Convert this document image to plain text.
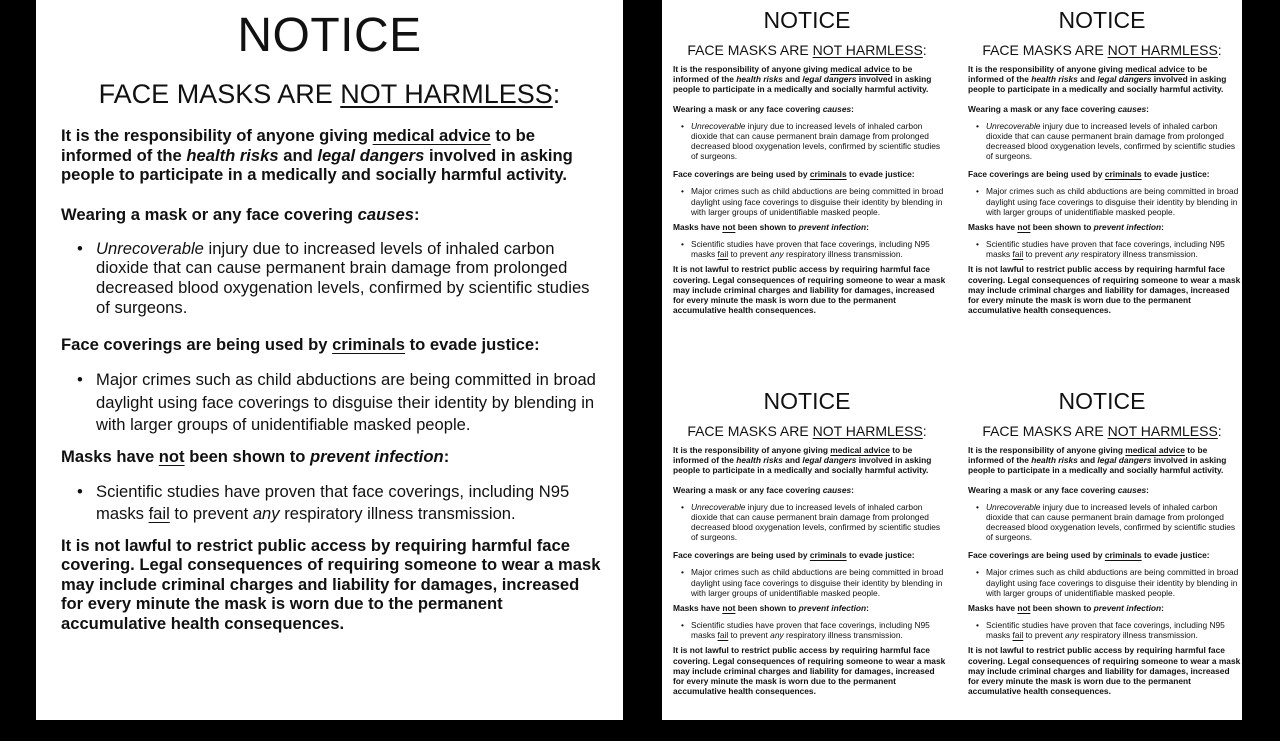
NOTICE
FACE MASKS ARE NOT HARMLESS:

It is the responsibility of anyone giving medical advice to be informed of the health risks and legal dangers involved in asking people to participate in a medically and socially harmful activity.

Wearing a mask or any face covering causes:

• Unrecoverable injury due to increased levels of inhaled carbon dioxide that can cause permanent brain damage from prolonged decreased blood oxygenation levels, confirmed by scientific studies of surgeons.

Face coverings are being used by criminals to evade justice:

• Major crimes such as child abductions are being committed in broad daylight using face coverings to disguise their identity by blending in with larger groups of unidentifiable masked people.

Masks have not been shown to prevent infection:

• Scientific studies have proven that face coverings, including N95 masks fail to prevent any respiratory illness transmission.

It is not lawful to restrict public access by requiring harmful face covering. Legal consequences of requiring someone to wear a mask may include criminal charges and liability for damages, increased for every minute the mask is worn due to the permanent accumulative health consequences.

NOTICE
FACE MASKS ARE NOT HARMLESS:

It is the responsibility of anyone giving medical advice to be informed of the health risks and legal dangers involved in asking people to participate in a medically and socially harmful activity.

Wearing a mask or any face covering causes:

• Unrecoverable injury due to increased levels of inhaled carbon dioxide that can cause permanent brain damage from prolonged decreased blood oxygenation levels, confirmed by scientific studies of surgeons.

Face coverings are being used by criminals to evade justice:

• Major crimes such as child abductions are being committed in broad daylight using face coverings to disguise their identity by blending in with larger groups of unidentifiable masked people.

Masks have not been shown to prevent infection:

• Scientific studies have proven that face coverings, including N95 masks fail to prevent any respiratory illness transmission.

It is not lawful to restrict public access by requiring harmful face covering. Legal consequences of requiring someone to wear a mask may include criminal charges and liability for damages, increased for every minute the mask is worn due to the permanent accumulative health consequences.

NOTICE
FACE MASKS ARE NOT HARMLESS:

It is the responsibility of anyone giving medical advice to be informed of the health risks and legal dangers involved in asking people to participate in a medically and socially harmful activity.

Wearing a mask or any face covering causes:

• Unrecoverable injury due to increased levels of inhaled carbon dioxide that can cause permanent brain damage from prolonged decreased blood oxygenation levels, confirmed by scientific studies of surgeons.

Face coverings are being used by criminals to evade justice:

• Major crimes such as child abductions are being committed in broad daylight using face coverings to disguise their identity by blending in with larger groups of unidentifiable masked people.

Masks have not been shown to prevent infection:

• Scientific studies have proven that face coverings, including N95 masks fail to prevent any respiratory illness transmission.

It is not lawful to restrict public access by requiring harmful face covering. Legal consequences of requiring someone to wear a mask may include criminal charges and liability for damages, increased for every minute the mask is worn due to the permanent accumulative health consequences.

NOTICE
FACE MASKS ARE NOT HARMLESS:

It is the responsibility of anyone giving medical advice to be informed of the health risks and legal dangers involved in asking people to participate in a medically and socially harmful activity.

Wearing a mask or any face covering causes:

• Unrecoverable injury due to increased levels of inhaled carbon dioxide that can cause permanent brain damage from prolonged decreased blood oxygenation levels, confirmed by scientific studies of surgeons.

Face coverings are being used by criminals to evade justice:

• Major crimes such as child abductions are being committed in broad daylight using face coverings to disguise their identity by blending in with larger groups of unidentifiable masked people.

Masks have not been shown to prevent infection:

• Scientific studies have proven that face coverings, including N95 masks fail to prevent any respiratory illness transmission.

It is not lawful to restrict public access by requiring harmful face covering. Legal consequences of requiring someone to wear a mask may include criminal charges and liability for damages, increased for every minute the mask is worn due to the permanent accumulative health consequences.

NOTICE
FACE MASKS ARE NOT HARMLESS:

It is the responsibility of anyone giving medical advice to be informed of the health risks and legal dangers involved in asking people to participate in a medically and socially harmful activity.

Wearing a mask or any face covering causes:

• Unrecoverable injury due to increased levels of inhaled carbon dioxide that can cause permanent brain damage from prolonged decreased blood oxygenation levels, confirmed by scientific studies of surgeons.

Face coverings are being used by criminals to evade justice:

• Major crimes such as child abductions are being committed in broad daylight using face coverings to disguise their identity by blending in with larger groups of unidentifiable masked people.

Masks have not been shown to prevent infection:

• Scientific studies have proven that face coverings, including N95 masks fail to prevent any respiratory illness transmission.

It is not lawful to restrict public access by requiring harmful face covering. Legal consequences of requiring someone to wear a mask may include criminal charges and liability for damages, increased for every minute the mask is worn due to the permanent accumulative health consequences.
